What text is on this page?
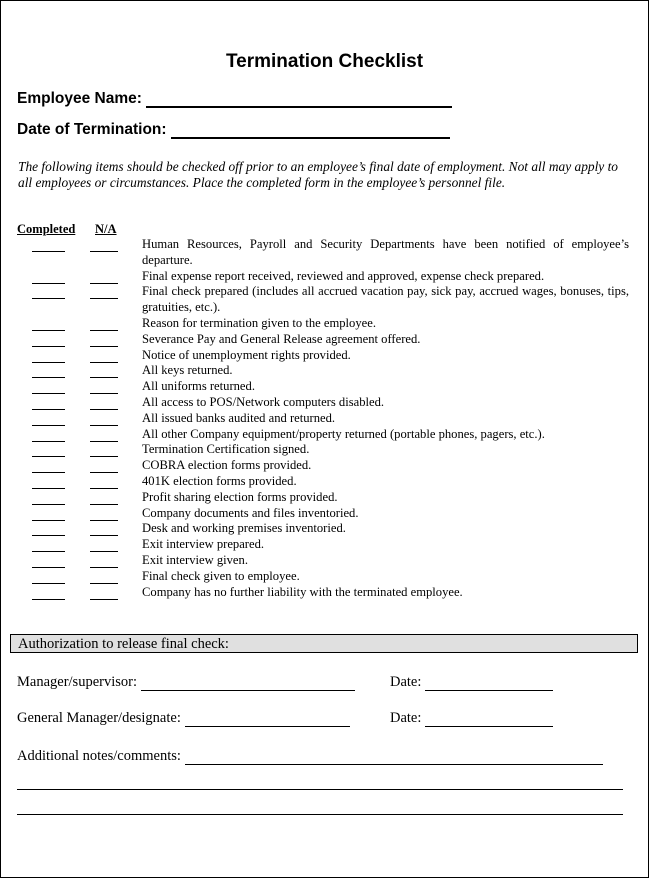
Termination Checklist
Employee Name:
Date of Termination:

The following items should be checked off prior to an employee’s final date of employment. Not all may apply to all employees or circumstances. Place the completed form in the employee’s personnel file.

Completed N/A
Human Resources, Payroll and Security Departments have been notified of employee’s departure.
Final expense report received, reviewed and approved, expense check prepared.
Final check prepared (includes all accrued vacation pay, sick pay, accrued wages, bonuses, tips, gratuities, etc.).
Reason for termination given to the employee.
Severance Pay and General Release agreement offered.
Notice of unemployment rights provided.
All keys returned.
All uniforms returned.
All access to POS/Network computers disabled.
All issued banks audited and returned.
All other Company equipment/property returned (portable phones, pagers, etc.).
Termination Certification signed.
COBRA election forms provided.
401K election forms provided.
Profit sharing election forms provided.
Company documents and files inventoried.
Desk and working premises inventoried.
Exit interview prepared.
Exit interview given.
Final check given to employee.
Company has no further liability with the terminated employee.
Authorization to release final check:
Manager/supervisor:	Date:
General Manager/designate:	Date:
Additional notes/comments:
